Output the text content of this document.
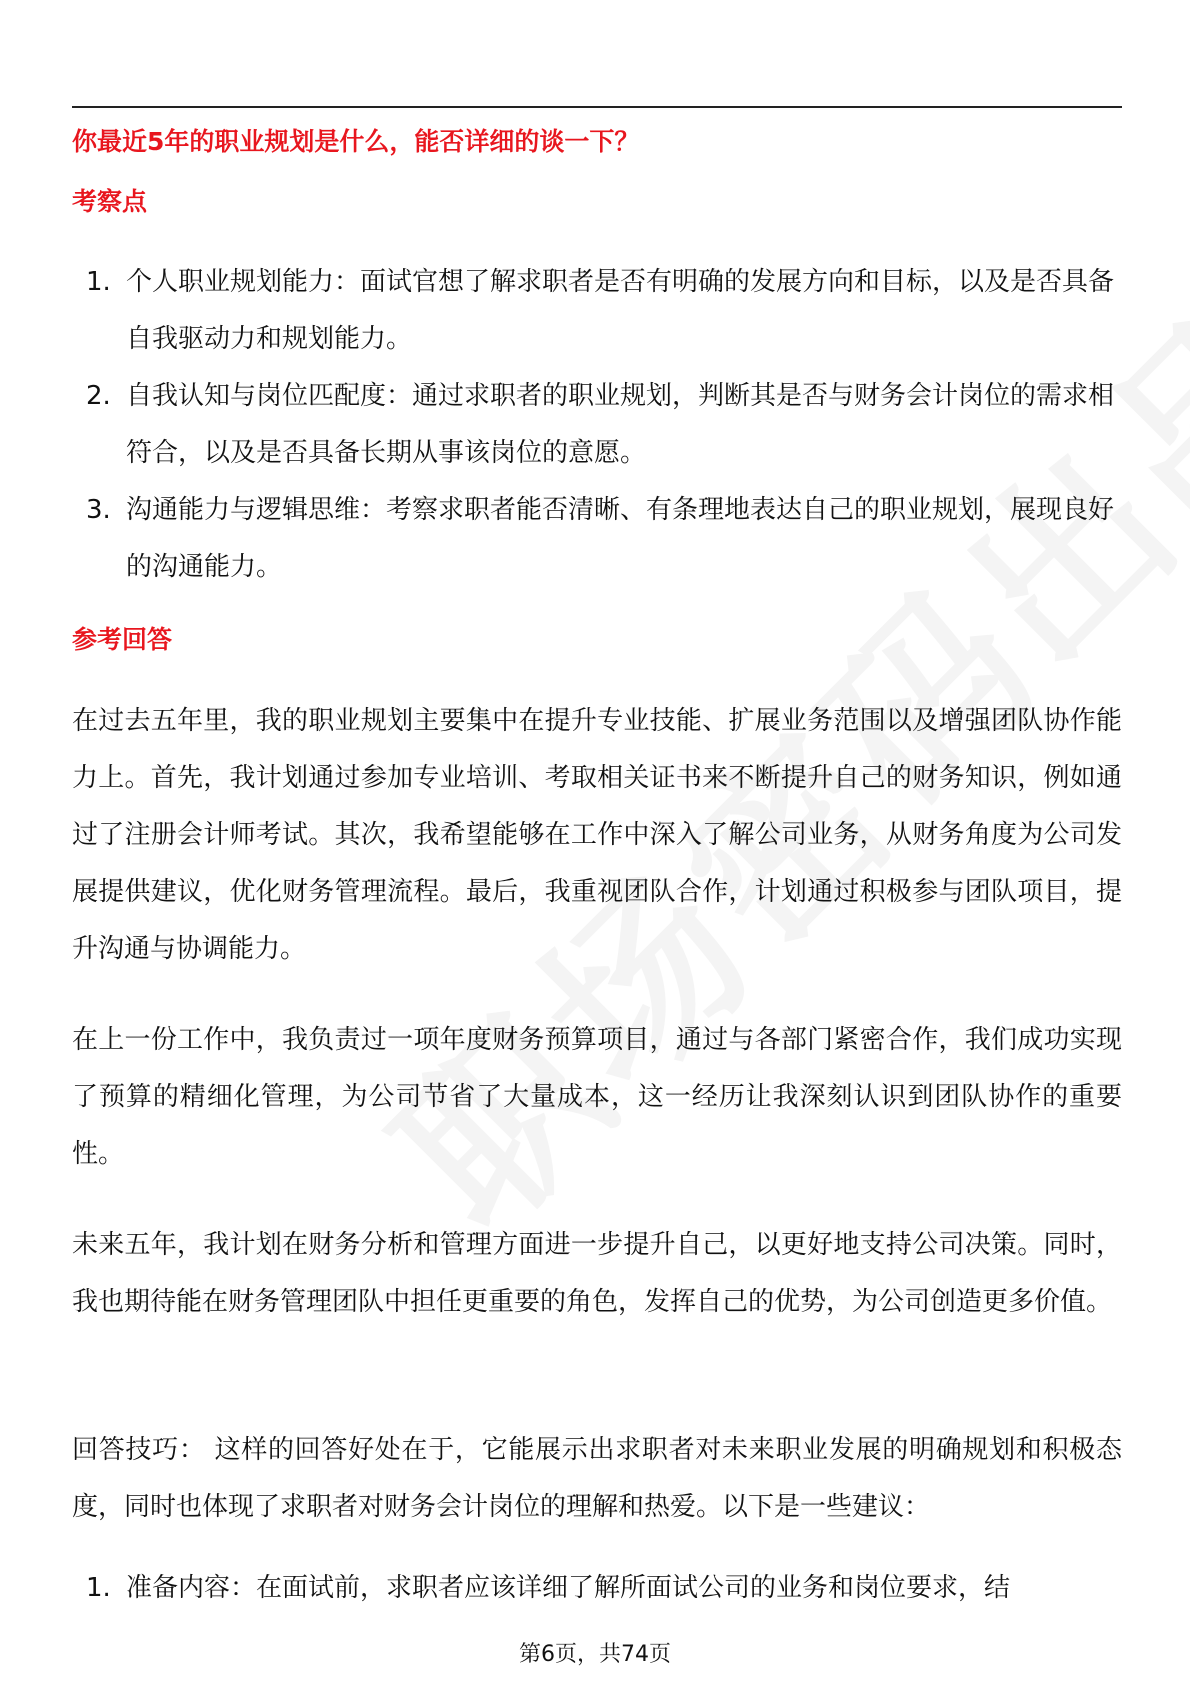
你最近5年的职业规划是什么，能否详细的谈一下？
考察点
1. 个人职业规划能力：面试官想了解求职者是否有明确的发展方向和目标，以及是否具备自我驱动力和规划能力。
2. 自我认知与岗位匹配度：通过求职者的职业规划，判断其是否与财务会计岗位的需求相符合，以及是否具备长期从事该岗位的意愿。
3. 沟通能力与逻辑思维：考察求职者能否清晰、有条理地表达自己的职业规划，展现良好的沟通能力。
参考回答

在过去五年里，我的职业规划主要集中在提升专业技能、扩展业务范围以及增强团队协作能力上。首先，我计划通过参加专业培训、考取相关证书来不断提升自己的财务知识，例如通过了注册会计师考试。其次，我希望能够在工作中深入了解公司业务，从财务角度为公司发展提供建议，优化财务管理流程。最后，我重视团队合作，计划通过积极参与团队项目，提升沟通与协调能力。

在上一份工作中，我负责过一项年度财务预算项目，通过与各部门紧密合作，我们成功实现了预算的精细化管理，为公司节省了大量成本，这一经历让我深刻认识到团队协作的重要性。

未来五年，我计划在财务分析和管理方面进一步提升自己，以更好地支持公司决策。同时，我也期待能在财务管理团队中担任更重要的角色，发挥自己的优势，为公司创造更多价值。

回答技巧： 这样的回答好处在于，它能展示出求职者对未来职业发展的明确规划和积极态度，同时也体现了求职者对财务会计岗位的理解和热爱。以下是一些建议：

1. 准备内容：在面试前，求职者应该详细了解所面试公司的业务和岗位要求，结
第6页，共74页
